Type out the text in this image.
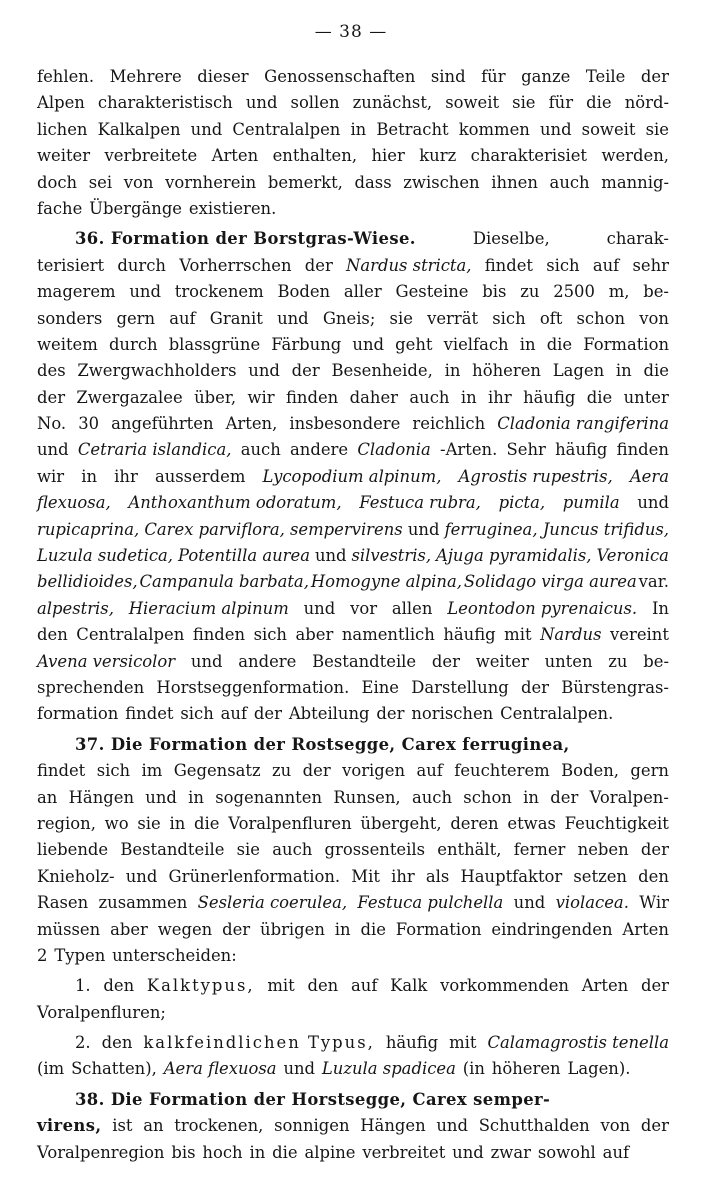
— 38 —
fehlen. Mehrere dieser Genossenschaften sind für ganze Teile der
Alpen charakteristisch und sollen zunächst, soweit sie für die nörd-
lichen Kalkalpen und Centralalpen in Betracht kommen und soweit sie
weiter verbreitete Arten enthalten, hier kurz charakterisiet werden,
doch sei von vornherein bemerkt, dass zwischen ihnen auch mannig-
fache Übergänge existieren.
36. Formation der Borstgras-Wiese.	Dieselbe,	charak-
terisiert durch Vorherrschen der Nardus stricta, findet sich auf sehr
magerem und trockenem Boden aller Gesteine bis zu 2500 m, be-
sonders gern auf Granit und Gneis; sie verrät sich oft schon von
weitem durch blassgrüne Färbung und geht vielfach in die Formation
des Zwergwachholders und der Besenheide, in höheren Lagen in die
der Zwergazalee über, wir finden daher auch in ihr häufig die unter
No. 30 angeführten Arten, insbesondere reichlich Cladonia rangiferina
und Cetraria islandica, auch andere Cladonia -Arten. Sehr häufig finden
wir in ihr ausserdem Lycopodium alpinum, Agrostis rupestris, Aera
flexuosa, Anthoxanthum odoratum, Festuca rubra, picta, pumila und
rupicaprina, Carex parviflora, sempervirens und ferruginea, Juncus trifidus,
Luzula sudetica, Potentilla aurea und silvestris, Ajuga pyramidalis, Veronica
bellidioides, Campanula barbata, Homogyne alpina, Solidago virga aurea var.
alpestris, Hieracium alpinum und vor allen Leontodon pyrenaicus. In
den Centralalpen finden sich aber namentlich häufig mit Nardus vereint
Avena versicolor und andere Bestandteile der weiter unten zu be-
sprechenden Horstseggenformation. Eine Darstellung der Bürstengras-
formation findet sich auf der Abteilung der norischen Centralalpen.
37. Die Formation der Rostsegge, Carex ferruginea,
findet sich im Gegensatz zu der vorigen auf feuchterem Boden, gern
an Hängen und in sogenannten Runsen, auch schon in der Voralpen-
region, wo sie in die Voralpenfluren übergeht, deren etwas Feuchtigkeit
liebende Bestandteile sie auch grossenteils enthält, ferner neben der
Knieholz- und Grünerlenformation. Mit ihr als Hauptfaktor setzen den
Rasen zusammen Sesleria coerulea, Festuca pulchella und violacea. Wir
müssen aber wegen der übrigen in die Formation eindringenden Arten
2 Typen unterscheiden:
1. den Kalktypus, mit den auf Kalk vorkommenden Arten der
Voralpenfluren;
2. den kalkfeindlichen Typus, häufig mit Calamagrostis tenella
(im Schatten), Aera flexuosa und Luzula spadicea (in höheren Lagen).
38. Die Formation der Horstsegge, Carex semper-
virens, ist an trockenen, sonnigen Hängen und Schutthalden von der
Voralpenregion bis hoch in die alpine verbreitet und zwar sowohl auf
